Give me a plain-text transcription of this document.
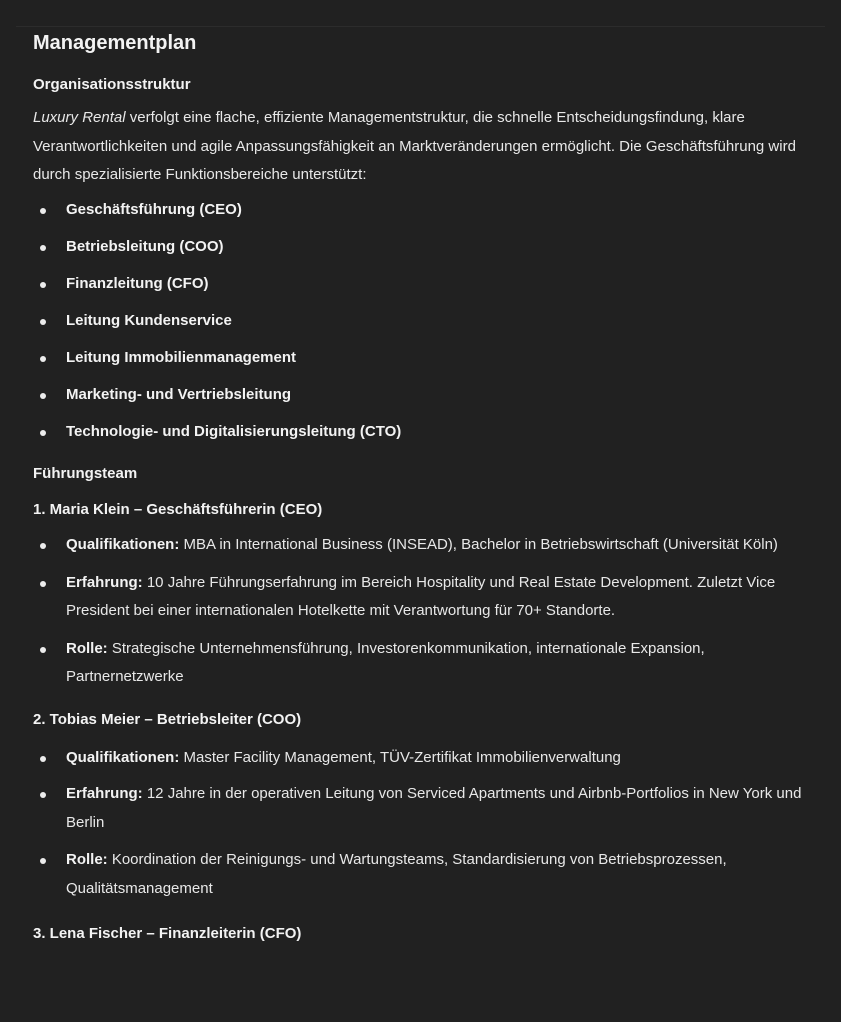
Managementplan
Organisationsstruktur

Luxury Rental verfolgt eine flache, effiziente Managementstruktur, die schnelle Entscheidungsfindung, klare Verantwortlichkeiten und agile Anpassungsfähigkeit an Marktveränderungen ermöglicht. Die Geschäftsführung wird durch spezialisierte Funktionsbereiche unterstützt:

Geschäftsführung (CEO)
Betriebsleitung (COO)
Finanzleitung (CFO)
Leitung Kundenservice
Leitung Immobilienmanagement
Marketing- und Vertriebsleitung
Technologie- und Digitalisierungsleitung (CTO)
Führungsteam
1. Maria Klein – Geschäftsführerin (CEO)
Qualifikationen: MBA in International Business (INSEAD), Bachelor in Betriebswirtschaft (Universität Köln)
Erfahrung: 10 Jahre Führungserfahrung im Bereich Hospitality und Real Estate Development. Zuletzt Vice President bei einer internationalen Hotelkette mit Verantwortung für 70+ Standorte.
Rolle: Strategische Unternehmensführung, Investorenkommunikation, internationale Expansion, Partnernetzwerke
2. Tobias Meier – Betriebsleiter (COO)
Qualifikationen: Master Facility Management, TÜV-Zertifikat Immobilienverwaltung
Erfahrung: 12 Jahre in der operativen Leitung von Serviced Apartments und Airbnb-Portfolios in New York und Berlin
Rolle: Koordination der Reinigungs- und Wartungsteams, Standardisierung von Betriebsprozessen, Qualitätsmanagement
3. Lena Fischer – Finanzleiterin (CFO)
